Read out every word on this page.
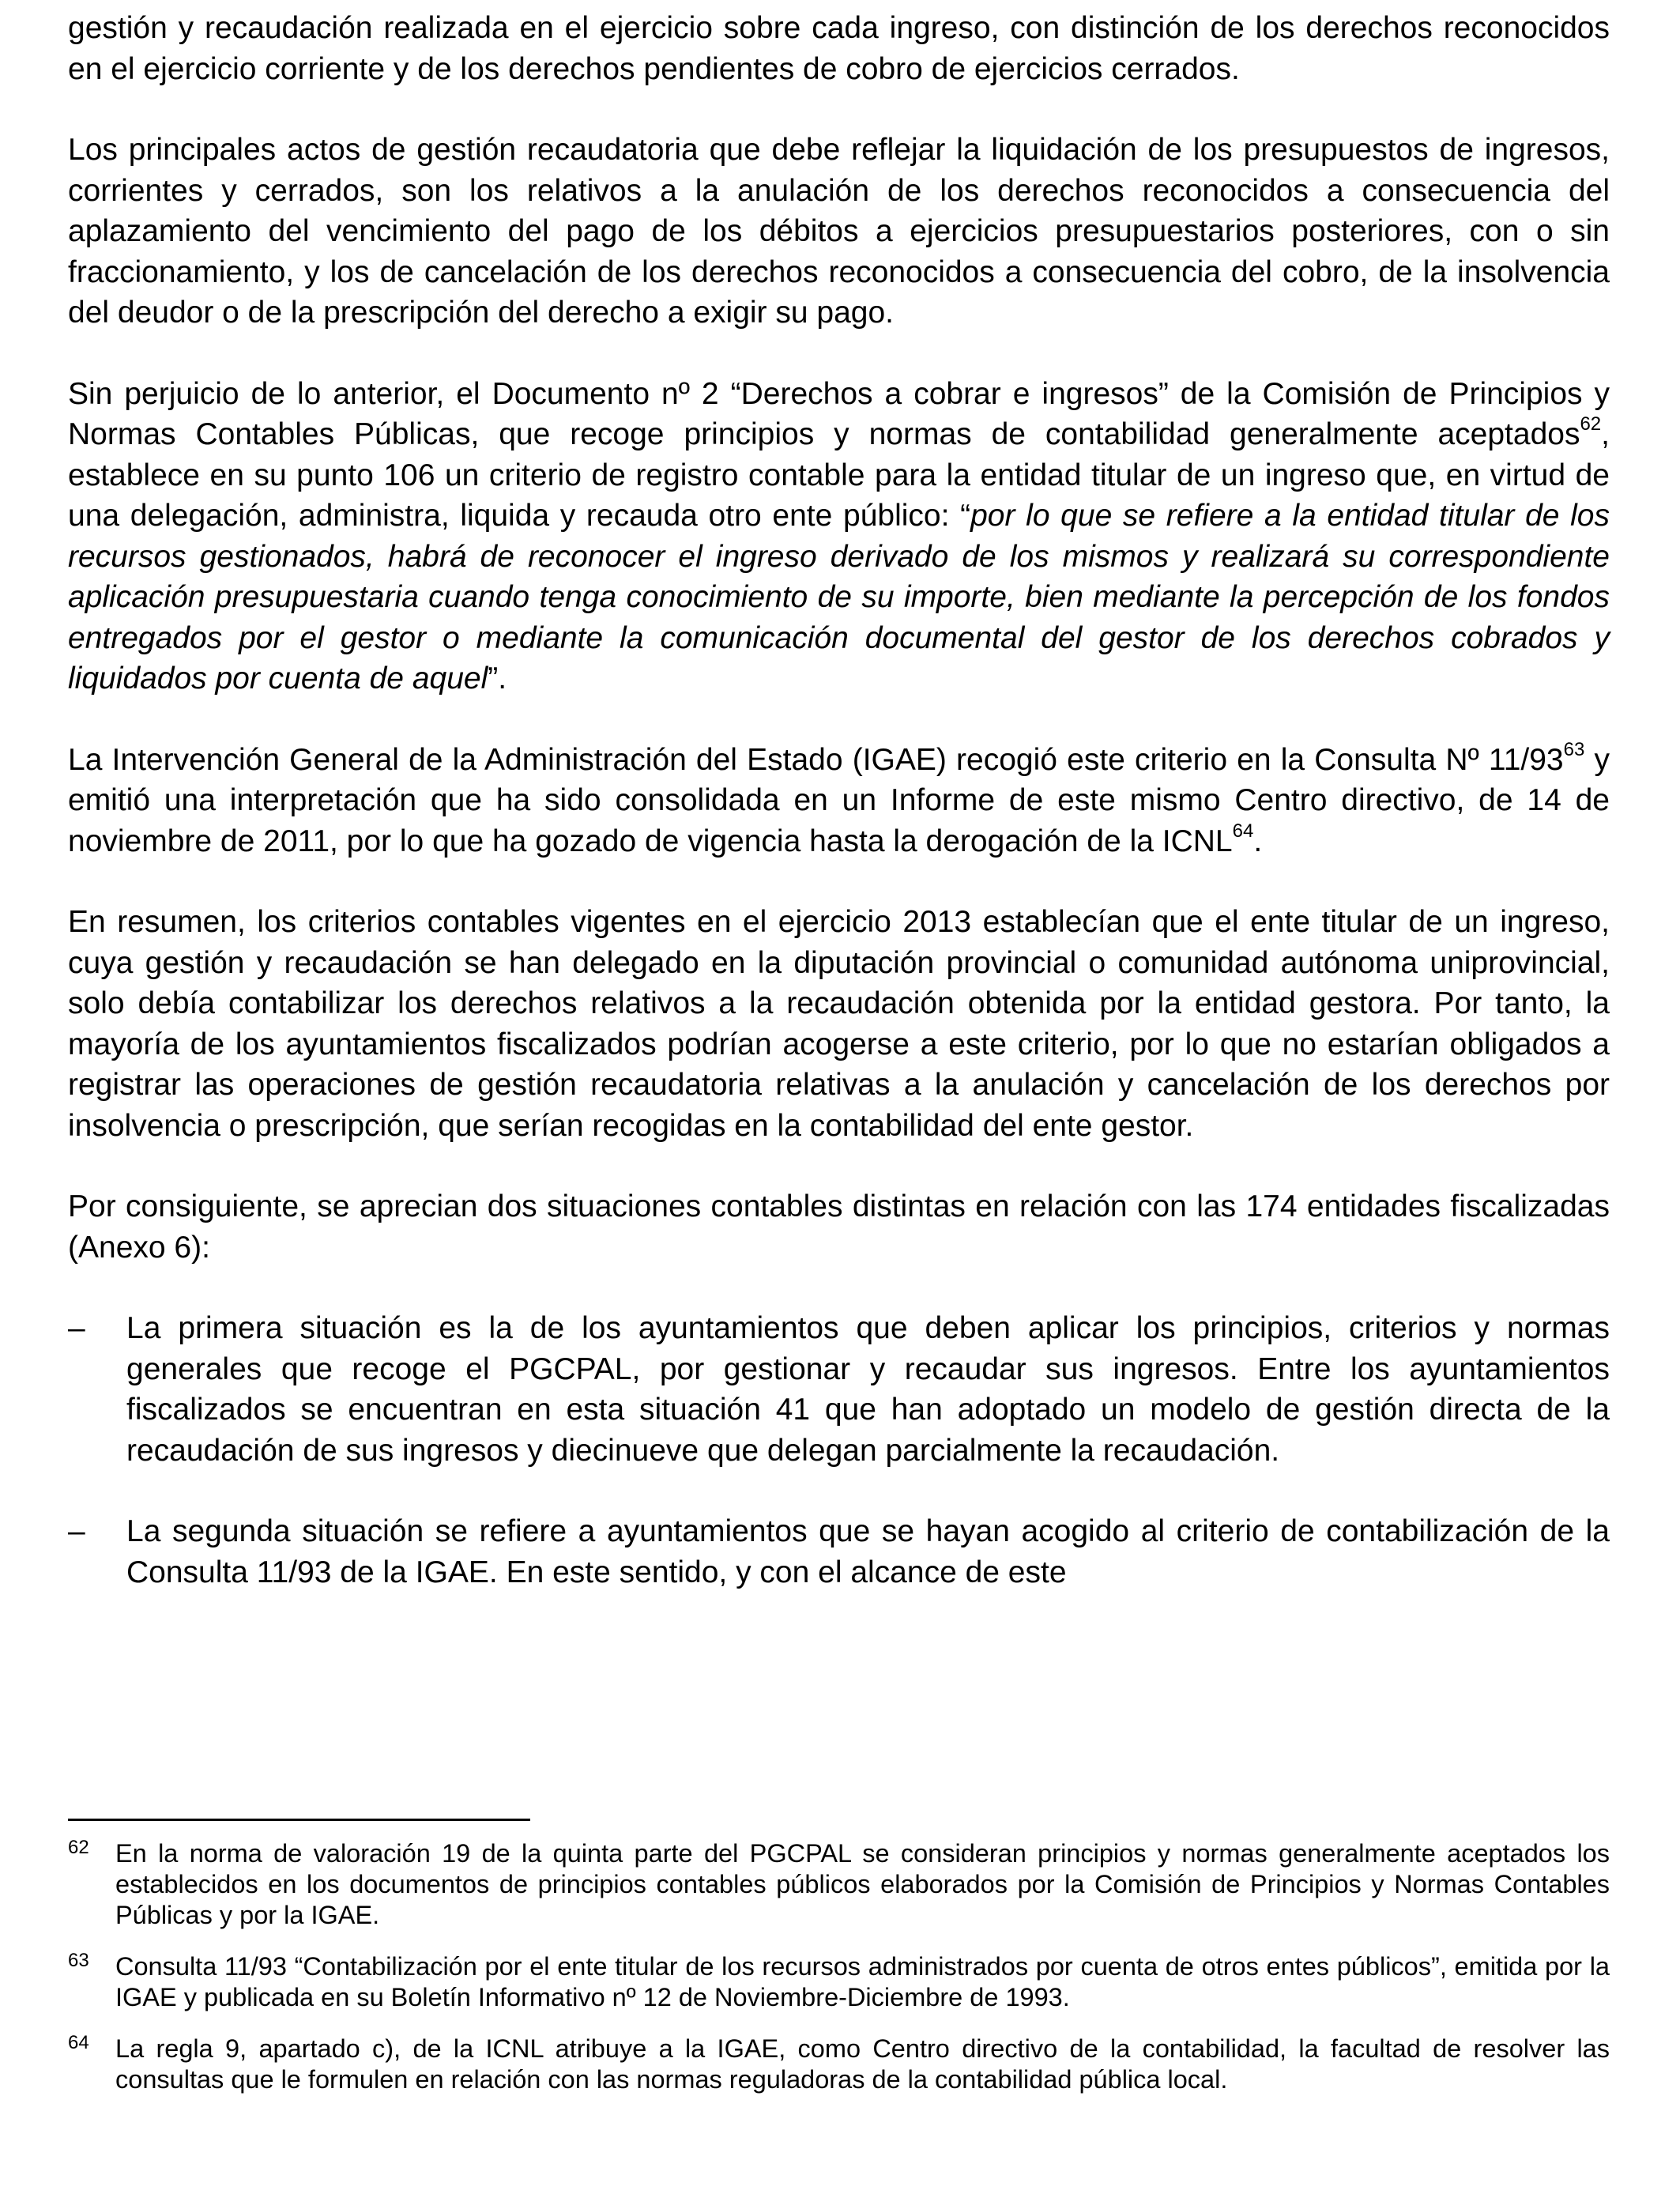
gestión y recaudación realizada en el ejercicio sobre cada ingreso, con distinción de los derechos reconocidos en el ejercicio corriente y de los derechos pendientes de cobro de ejercicios cerrados.

Los principales actos de gestión recaudatoria que debe reflejar la liquidación de los presupuestos de ingresos, corrientes y cerrados, son los relativos a la anulación de los derechos reconocidos a consecuencia del aplazamiento del vencimiento del pago de los débitos a ejercicios presupuestarios posteriores, con o sin fraccionamiento, y los de cancelación de los derechos reconocidos a consecuencia del cobro, de la insolvencia del deudor o de la prescripción del derecho a exigir su pago.

Sin perjuicio de lo anterior, el Documento nº 2 “Derechos a cobrar e ingresos” de la Comisión de Principios y Normas Contables Públicas, que recoge principios y normas de contabilidad generalmente aceptados$^{62}$, establece en su punto 106 un criterio de registro contable para la entidad titular de un ingreso que, en virtud de una delegación, administra, liquida y recauda otro ente público: “por lo que se refiere a la entidad titular de los recursos gestionados, habrá de reconocer el ingreso derivado de los mismos y realizará su correspondiente aplicación presupuestaria cuando tenga conocimiento de su importe, bien mediante la percepción de los fondos entregados por el gestor o mediante la comunicación documental del gestor de los derechos cobrados y liquidados por cuenta de aquel”.

La Intervención General de la Administración del Estado (IGAE) recogió este criterio en la Consulta Nº $11/93^{63}$ y emitió una interpretación que ha sido consolidada en un Informe de este mismo Centro directivo, de 14 de noviembre de 2011, por lo que ha gozado de vigencia hasta la derogación de la ICNL$^{64}$.

En resumen, los criterios contables vigentes en el ejercicio 2013 establecían que el ente titular de un ingreso, cuya gestión y recaudación se han delegado en la diputación provincial o comunidad autónoma uniprovincial, solo debía contabilizar los derechos relativos a la recaudación obtenida por la entidad gestora. Por tanto, la mayoría de los ayuntamientos fiscalizados podrían acogerse a este criterio, por lo que no estarían obligados a registrar las operaciones de gestión recaudatoria relativas a la anulación y cancelación de los derechos por insolvencia o prescripción, que serían recogidas en la contabilidad del ente gestor.

Por consiguiente, se aprecian dos situaciones contables distintas en relación con las 174 entidades fiscalizadas (Anexo 6):

–	La primera situación es la de los ayuntamientos que deben aplicar los principios, criterios y normas generales que recoge el PGCPAL, por gestionar y recaudar sus ingresos. Entre los ayuntamientos fiscalizados se encuentran en esta situación 41 que han adoptado un modelo de gestión directa de la recaudación de sus ingresos y diecinueve que delegan parcialmente la recaudación.
–	La segunda situación se refiere a ayuntamientos que se hayan acogido al criterio de contabilización de la Consulta 11/93 de la IGAE. En este sentido, y con el alcance de este
62 En la norma de valoración 19 de la quinta parte del PGCPAL se consideran principios y normas generalmente aceptados los establecidos en los documentos de principios contables públicos elaborados por la Comisión de Principios y Normas Contables Públicas y por la IGAE.
63 Consulta 11/93 “Contabilización por el ente titular de los recursos administrados por cuenta de otros entes públicos”, emitida por la IGAE y publicada en su Boletín Informativo nº 12 de Noviembre-Diciembre de 1993.
64 La regla 9, apartado c), de la ICNL atribuye a la IGAE, como Centro directivo de la contabilidad, la facultad de resolver las consultas que le formulen en relación con las normas reguladoras de la contabilidad pública local.
